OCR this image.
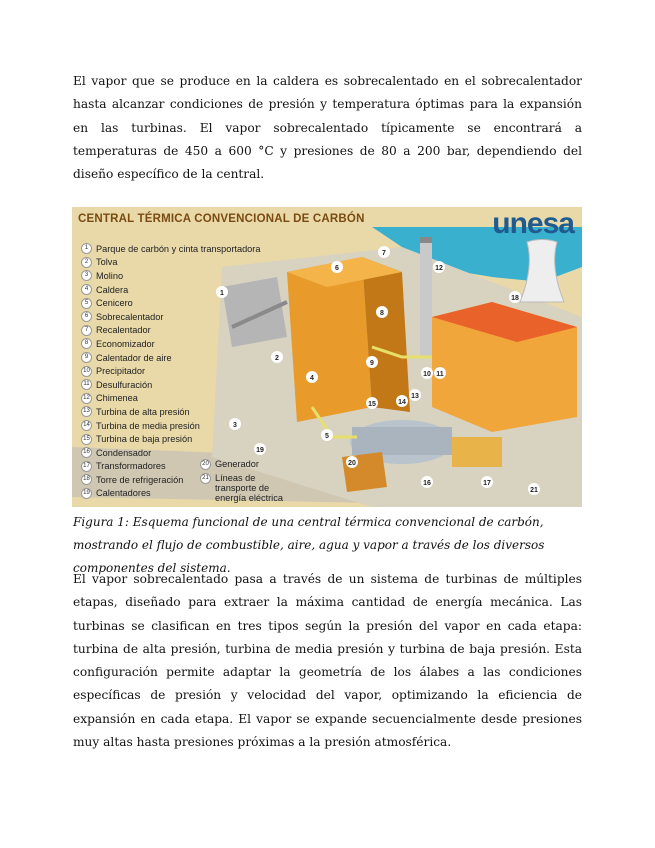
El vapor que se produce en la caldera es sobrecalentado en el sobrecalentador hasta alcanzar condiciones de presión y temperatura óptimas para la expansión en las turbinas. El vapor sobrecalentado típicamente se encontrará a temperaturas de 450 a 600 °C y presiones de 80 a 200 bar, dependiendo del diseño específico de la central.

1
4
5
6
7
12
10 11
14
13
15
16	17
18
19
20
21
3
8
9
2
CENTRAL TÉRMICA CONVENCIONAL DE CARBÓN	unesa
1 Parque de carbón y cinta transportadora
2 Tolva
3 Molino
4 Caldera
5 Cenicero
6 Sobrecalentador
7 Recalentador
8 Economizador
9 Calentador de aire
10 Precipitador
11 Desulfuración
12 Chimenea
13 Turbina de alta presión
14 Turbina de media presión
15 Turbina de baja presión
16 Condensador
17 Transformadores
18 Torre de refrigeración
19 Calentadores
20 Generador
21 Líneas de transporte de energía eléctrica

Figura 1: Esquema funcional de una central térmica convencional de carbón, mostrando el flujo de combustible, aire, agua y vapor a través de los diversos componentes del sistema.

El vapor sobrecalentado pasa a través de un sistema de turbinas de múltiples etapas, diseñado para extraer la máxima cantidad de energía mecánica. Las turbinas se clasifican en tres tipos según la presión del vapor en cada etapa: turbina de alta presión, turbina de media presión y turbina de baja presión. Esta configuración permite adaptar la geometría de los álabes a las condiciones específicas de presión y velocidad del vapor, optimizando la eficiencia de expansión en cada etapa. El vapor se expande secuencialmente desde presiones muy altas hasta presiones próximas a la presión atmosférica.
